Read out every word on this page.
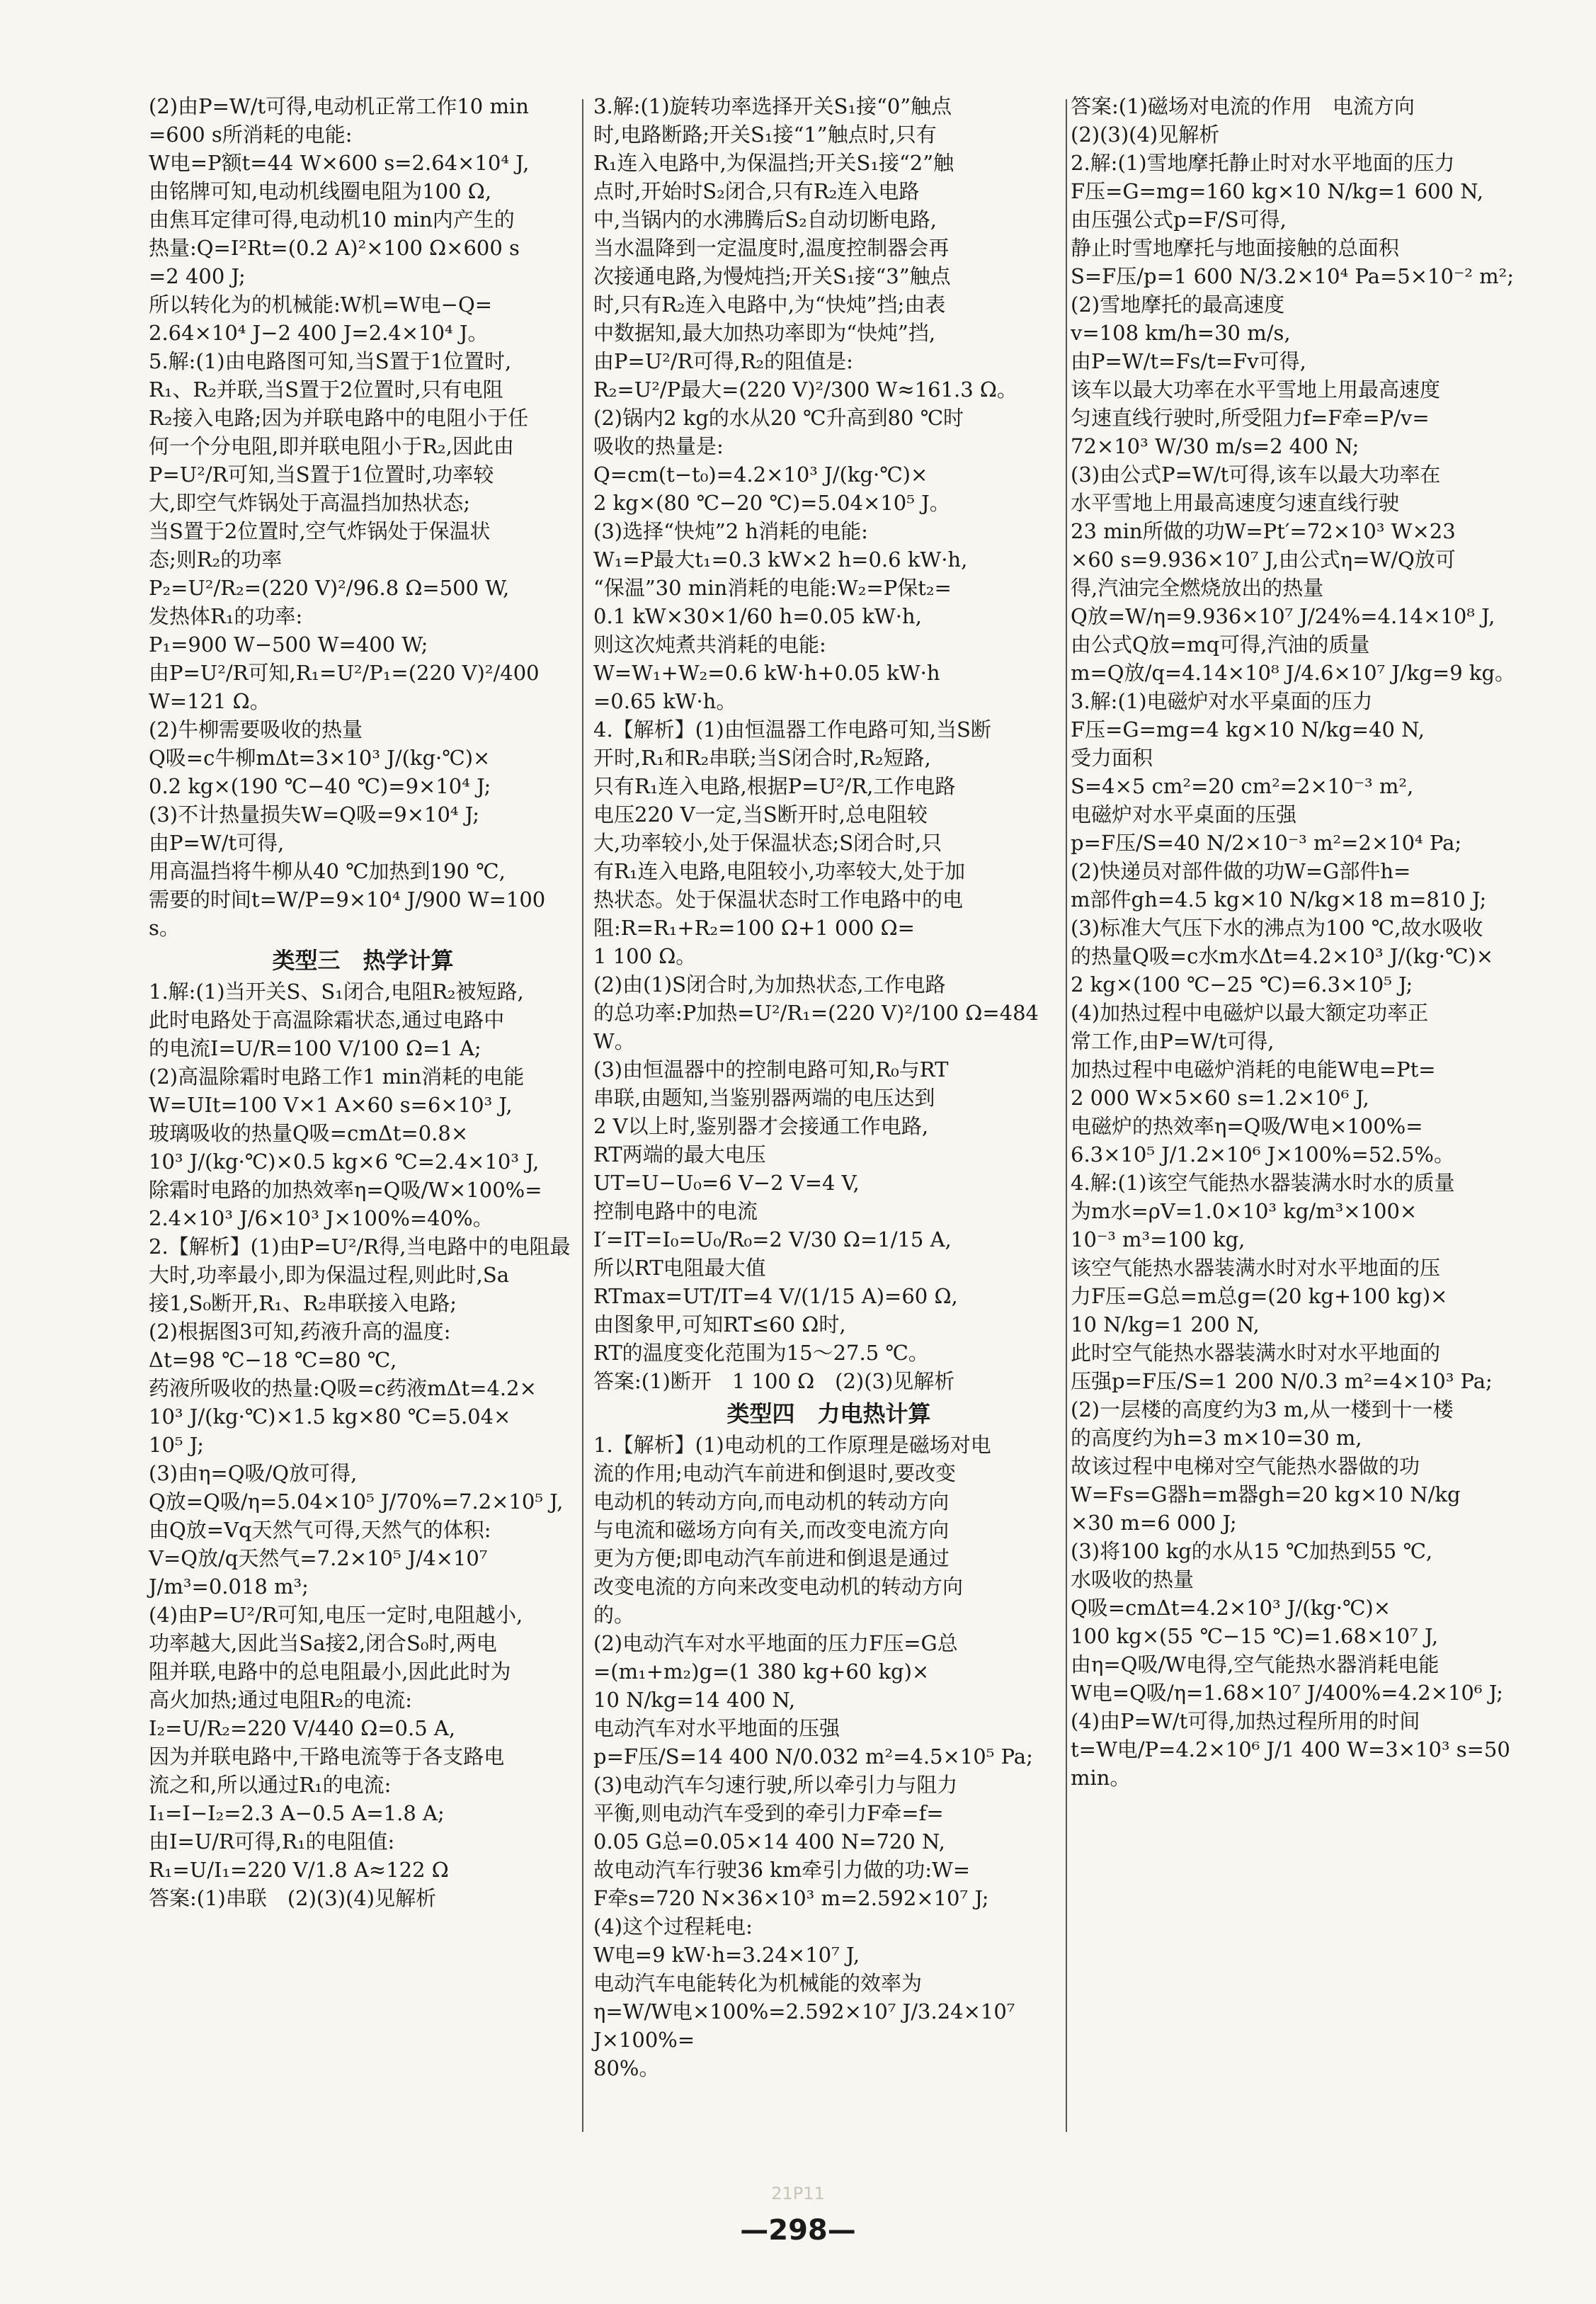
(2)由P=W/t可得,电动机正常工作10 min
=600 s所消耗的电能:
W电=P额t=44 W×600 s=2.64×10⁴ J,
由铭牌可知,电动机线圈电阻为100 Ω,
由焦耳定律可得,电动机10 min内产生的
热量:Q=I²Rt=(0.2 A)²×100 Ω×600 s
=2 400 J;
所以转化为的机械能:W机=W电−Q=
2.64×10⁴ J−2 400 J=2.4×10⁴ J。
5.解:(1)由电路图可知,当S置于1位置时,
R₁、R₂并联,当S置于2位置时,只有电阻
R₂接入电路;因为并联电路中的电阻小于任
何一个分电阻,即并联电阻小于R₂,因此由
P=U²/R可知,当S置于1位置时,功率较
大,即空气炸锅处于高温挡加热状态;
当S置于2位置时,空气炸锅处于保温状
态;则R₂的功率
P₂=U²/R₂=(220 V)²/96.8 Ω=500 W,
发热体R₁的功率:
P₁=900 W−500 W=400 W;
由P=U²/R可知,R₁=U²/P₁=(220 V)²/400 W=121 Ω。
(2)牛柳需要吸收的热量
Q吸=c牛柳mΔt=3×10³ J/(kg·℃)×
0.2 kg×(190 ℃−40 ℃)=9×10⁴ J;
(3)不计热量损失W=Q吸=9×10⁴ J;
由P=W/t可得,
用高温挡将牛柳从40 ℃加热到190 ℃,
需要的时间t=W/P=9×10⁴ J/900 W=100 s。
类型三　热学计算
1.解:(1)当开关S、S₁闭合,电阻R₂被短路,
此时电路处于高温除霜状态,通过电路中
的电流I=U/R=100 V/100 Ω=1 A;
(2)高温除霜时电路工作1 min消耗的电能
W=UIt=100 V×1 A×60 s=6×10³ J,
玻璃吸收的热量Q吸=cmΔt=0.8×
10³ J/(kg·℃)×0.5 kg×6 ℃=2.4×10³ J,
除霜时电路的加热效率η=Q吸/W×100%=
2.4×10³ J/6×10³ J×100%=40%。
2.【解析】(1)由P=U²/R得,当电路中的电阻最
大时,功率最小,即为保温过程,则此时,Sa
接1,S₀断开,R₁、R₂串联接入电路;
(2)根据图3可知,药液升高的温度:
Δt=98 ℃−18 ℃=80 ℃,
药液所吸收的热量:Q吸=c药液mΔt=4.2×
10³ J/(kg·℃)×1.5 kg×80 ℃=5.04×
10⁵ J;
(3)由η=Q吸/Q放可得,
Q放=Q吸/η=5.04×10⁵ J/70%=7.2×10⁵ J,
由Q放=Vq天然气可得,天然气的体积:
V=Q放/q天然气=7.2×10⁵ J/4×10⁷ J/m³=0.018 m³;
(4)由P=U²/R可知,电压一定时,电阻越小,
功率越大,因此当Sa接2,闭合S₀时,两电
阻并联,电路中的总电阻最小,因此此时为
高火加热;通过电阻R₂的电流:
I₂=U/R₂=220 V/440 Ω=0.5 A,
因为并联电路中,干路电流等于各支路电
流之和,所以通过R₁的电流:
I₁=I−I₂=2.3 A−0.5 A=1.8 A;
由I=U/R可得,R₁的电阻值:
R₁=U/I₁=220 V/1.8 A≈122 Ω
答案:(1)串联　(2)(3)(4)见解析
3.解:(1)旋转功率选择开关S₁接“0”触点
时,电路断路;开关S₁接“1”触点时,只有
R₁连入电路中,为保温挡;开关S₁接“2”触
点时,开始时S₂闭合,只有R₂连入电路
中,当锅内的水沸腾后S₂自动切断电路,
当水温降到一定温度时,温度控制器会再
次接通电路,为慢炖挡;开关S₁接“3”触点
时,只有R₂连入电路中,为“快炖”挡;由表
中数据知,最大加热功率即为“快炖”挡,
由P=U²/R可得,R₂的阻值是:
R₂=U²/P最大=(220 V)²/300 W≈161.3 Ω。
(2)锅内2 kg的水从20 ℃升高到80 ℃时
吸收的热量是:
Q=cm(t−t₀)=4.2×10³ J/(kg·℃)×
2 kg×(80 ℃−20 ℃)=5.04×10⁵ J。
(3)选择“快炖”2 h消耗的电能:
W₁=P最大t₁=0.3 kW×2 h=0.6 kW·h,
“保温”30 min消耗的电能:W₂=P保t₂=
0.1 kW×30×1/60 h=0.05 kW·h,
则这次炖煮共消耗的电能:
W=W₁+W₂=0.6 kW·h+0.05 kW·h
=0.65 kW·h。
4.【解析】(1)由恒温器工作电路可知,当S断
开时,R₁和R₂串联;当S闭合时,R₂短路,
只有R₁连入电路,根据P=U²/R,工作电路
电压220 V一定,当S断开时,总电阻较
大,功率较小,处于保温状态;S闭合时,只
有R₁连入电路,电阻较小,功率较大,处于加
热状态。处于保温状态时工作电路中的电
阻:R=R₁+R₂=100 Ω+1 000 Ω=
1 100 Ω。
(2)由(1)S闭合时,为加热状态,工作电路
的总功率:P加热=U²/R₁=(220 V)²/100 Ω=484 W。
(3)由恒温器中的控制电路可知,R₀与RT
串联,由题知,当鉴别器两端的电压达到
2 V以上时,鉴别器才会接通工作电路,
RT两端的最大电压
UT=U−U₀=6 V−2 V=4 V,
控制电路中的电流
I′=IT=I₀=U₀/R₀=2 V/30 Ω=1/15 A,
所以RT电阻最大值
RTmax=UT/IT=4 V/(1/15 A)=60 Ω,
由图象甲,可知RT≤60 Ω时,
RT的温度变化范围为15～27.5 ℃。
答案:(1)断开　1 100 Ω　(2)(3)见解析
类型四　力电热计算
1.【解析】(1)电动机的工作原理是磁场对电
流的作用;电动汽车前进和倒退时,要改变
电动机的转动方向,而电动机的转动方向
与电流和磁场方向有关,而改变电流方向
更为方便;即电动汽车前进和倒退是通过
改变电流的方向来改变电动机的转动方向
的。
(2)电动汽车对水平地面的压力F压=G总
=(m₁+m₂)g=(1 380 kg+60 kg)×
10 N/kg=14 400 N,
电动汽车对水平地面的压强
p=F压/S=14 400 N/0.032 m²=4.5×10⁵ Pa;
(3)电动汽车匀速行驶,所以牵引力与阻力
平衡,则电动汽车受到的牵引力F牵=f=
0.05 G总=0.05×14 400 N=720 N,
故电动汽车行驶36 km牵引力做的功:W=
F牵s=720 N×36×10³ m=2.592×10⁷ J;
(4)这个过程耗电:
W电=9 kW·h=3.24×10⁷ J,
电动汽车电能转化为机械能的效率为
η=W/W电×100%=2.592×10⁷ J/3.24×10⁷ J×100%=
80%。
答案:(1)磁场对电流的作用　电流方向
(2)(3)(4)见解析
2.解:(1)雪地摩托静止时对水平地面的压力
F压=G=mg=160 kg×10 N/kg=1 600 N,
由压强公式p=F/S可得,
静止时雪地摩托与地面接触的总面积
S=F压/p=1 600 N/3.2×10⁴ Pa=5×10⁻² m²;
(2)雪地摩托的最高速度
v=108 km/h=30 m/s,
由P=W/t=Fs/t=Fv可得,
该车以最大功率在水平雪地上用最高速度
匀速直线行驶时,所受阻力f=F牵=P/v=
72×10³ W/30 m/s=2 400 N;
(3)由公式P=W/t可得,该车以最大功率在
水平雪地上用最高速度匀速直线行驶
23 min所做的功W=Pt′=72×10³ W×23
×60 s=9.936×10⁷ J,由公式η=W/Q放可
得,汽油完全燃烧放出的热量
Q放=W/η=9.936×10⁷ J/24%=4.14×10⁸ J,
由公式Q放=mq可得,汽油的质量
m=Q放/q=4.14×10⁸ J/4.6×10⁷ J/kg=9 kg。
3.解:(1)电磁炉对水平桌面的压力
F压=G=mg=4 kg×10 N/kg=40 N,
受力面积
S=4×5 cm²=20 cm²=2×10⁻³ m²,
电磁炉对水平桌面的压强
p=F压/S=40 N/2×10⁻³ m²=2×10⁴ Pa;
(2)快递员对部件做的功W=G部件h=
m部件gh=4.5 kg×10 N/kg×18 m=810 J;
(3)标准大气压下水的沸点为100 ℃,故水吸收
的热量Q吸=c水m水Δt=4.2×10³ J/(kg·℃)×
2 kg×(100 ℃−25 ℃)=6.3×10⁵ J;
(4)加热过程中电磁炉以最大额定功率正
常工作,由P=W/t可得,
加热过程中电磁炉消耗的电能W电=Pt=
2 000 W×5×60 s=1.2×10⁶ J,
电磁炉的热效率η=Q吸/W电×100%=
6.3×10⁵ J/1.2×10⁶ J×100%=52.5%。
4.解:(1)该空气能热水器装满水时水的质量
为m水=ρV=1.0×10³ kg/m³×100×
10⁻³ m³=100 kg,
该空气能热水器装满水时对水平地面的压
力F压=G总=m总g=(20 kg+100 kg)×
10 N/kg=1 200 N,
此时空气能热水器装满水时对水平地面的
压强p=F压/S=1 200 N/0.3 m²=4×10³ Pa;
(2)一层楼的高度约为3 m,从一楼到十一楼
的高度约为h=3 m×10=30 m,
故该过程中电梯对空气能热水器做的功
W=Fs=G器h=m器gh=20 kg×10 N/kg
×30 m=6 000 J;
(3)将100 kg的水从15 ℃加热到55 ℃,
水吸收的热量
Q吸=cmΔt=4.2×10³ J/(kg·℃)×
100 kg×(55 ℃−15 ℃)=1.68×10⁷ J,
由η=Q吸/W电得,空气能热水器消耗电能
W电=Q吸/η=1.68×10⁷ J/400%=4.2×10⁶ J;
(4)由P=W/t可得,加热过程所用的时间
t=W电/P=4.2×10⁶ J/1 400 W=3×10³ s=50 min。
21P11
—298—
